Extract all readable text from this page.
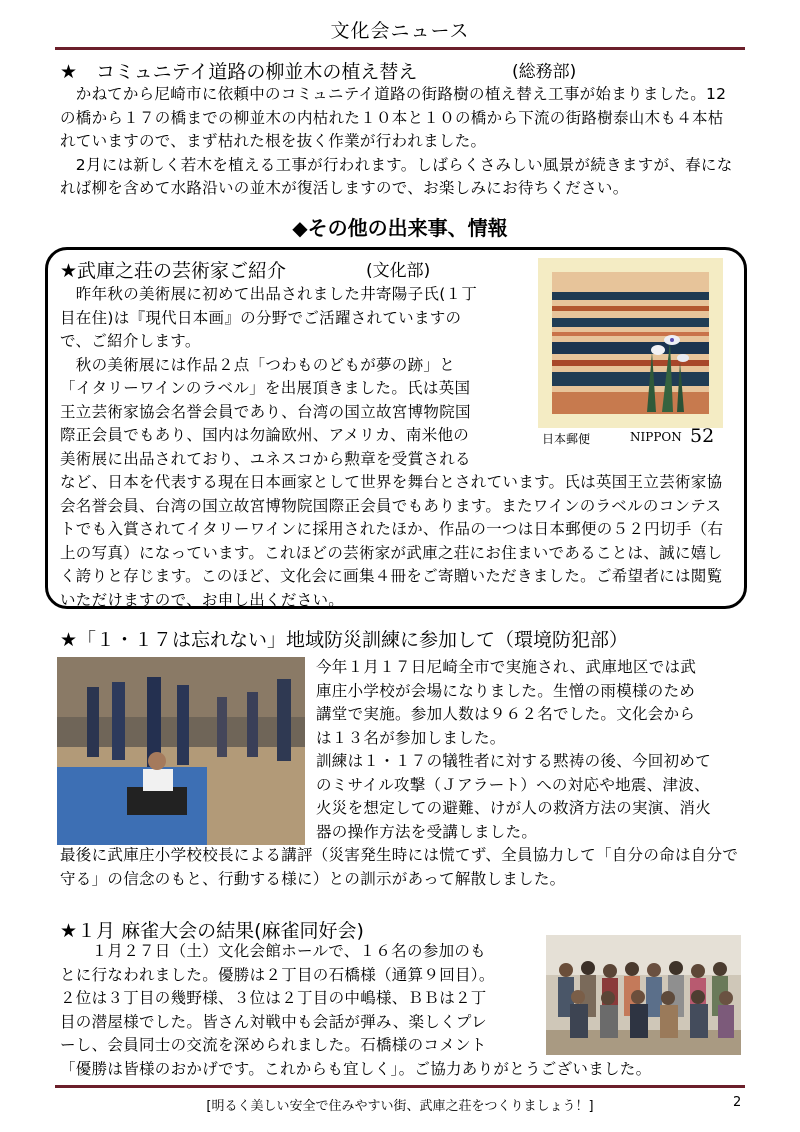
文化会ニュース
★　コミュニテイ道路の柳並木の植え替え	(総務部)

　かねてから尼崎市に依頼中のコミュニテイ道路の街路樹の植え替え工事が始まりました。12 の橋から１７の橋までの柳並木の内枯れた１０本と１０の橋から下流の街路樹泰山木も４本枯れていますので、まず枯れた根を抜く作業が行われました。

　2月には新しく若木を植える工事が行われます。しばらくさみしい風景が続きますが、春になれば柳を含めて水路沿いの並木が復活しますので、お楽しみにお待ちください。

◆その他の出来事、情報
★武庫之荘の芸術家ご紹介	(文化部)

　昨年秋の美術展に初めて出品されました井寄陽子氏(１丁

目在住)は『現代日本画』の分野でご活躍されていますの

で、ご紹介します。

　秋の美術展には作品２点「つわものどもが夢の跡」と

「イタリーワインのラベル」を出展頂きました。氏は英国

王立芸術家協会名誉会員であり、台湾の国立故宮博物院国

際正会員でもあり、国内は勿論欧州、アメリカ、南米他の

美術展に出品されており、ユネスコから勲章を受賞される

など、日本を代表する現在日本画家として世界を舞台とされています。氏は英国王立芸術家協会名誉会員、台湾の国立故宮博物院国際正会員でもあります。またワインのラベルのコンテストでも入賞されてイタリーワインに採用されたほか、作品の一つは日本郵便の５２円切手（右上の写真）になっています。これほどの芸術家が武庫之荘にお住まいであることは、誠に嬉しく誇りと存じます。このほど、文化会に画集４冊をご寄贈いただきました。ご希望者には閲覧いただけますので、お申し出ください。
日本郵便	NIPPON 52
★「１・１７は忘れない」地域防災訓練に参加して（環境防犯部）

今年１月１７日尼崎全市で実施され、武庫地区では武

庫庄小学校が会場になりました。生憎の雨模様のため

講堂で実施。参加人数は９６２名でした。文化会から

は１３名が参加しました。

訓練は１・１７の犠牲者に対する黙祷の後、今回初めて

のミサイル攻撃（Ｊアラート）への対応や地震、津波、

火災を想定しての避難、けが人の救済方法の実演、消火

器の操作方法を受講しました。

最後に武庫庄小学校校長による講評（災害発生時には慌てず、全員協力して「自分の命は自分で守る」の信念のもと、行動する様に）との訓示があって解散しました。
★１月 麻雀大会の結果(麻雀同好会)

　　１月２７日（土）文化会館ホールで、１６名の参加のも

とに行なわれました。優勝は２丁目の石橋様（通算９回目）。

２位は３丁目の幾野様、３位は２丁目の中嶋様、ＢＢは２丁

目の潜屋様でした。皆さん対戦中も会話が弾み、楽しくプレ

ーし、会員同士の交流を深められました。石橋様のコメント

「優勝は皆様のおかげです。これからも宜しく」。ご協力ありがとうございました。
[明るく美しい安全で住みやすい街、武庫之荘をつくりましょう！]	2
